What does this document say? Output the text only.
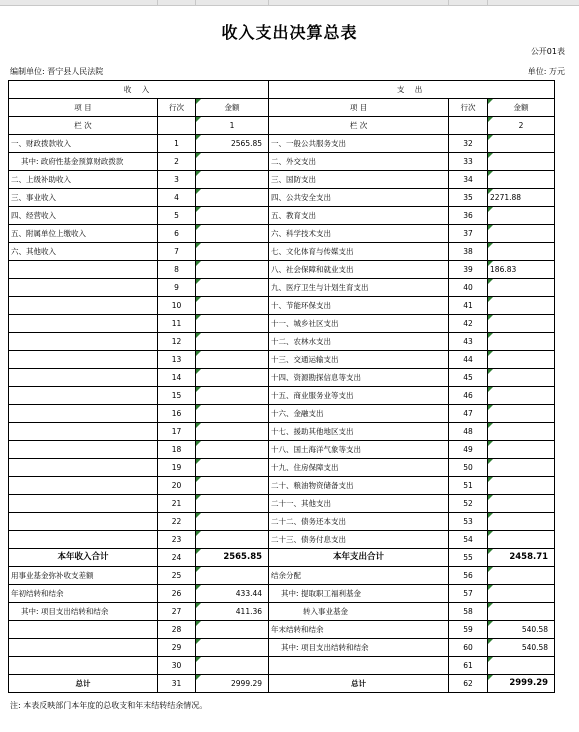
收入支出决算总表
公开01表
编制单位: 晋宁县人民法院	单位: 万元
收 入			支 出		
项 目	行次	金额	项 目	行次	金额
栏 次		1	栏 次		2
一、财政拨款收入	1	2565.85	一、一般公共服务支出	32	
其中: 政府性基金预算财政拨款	2		二、外交支出	33	
二、上级补助收入	3		三、国防支出	34	
三、事业收入	4		四、公共安全支出	35	2271.88
四、经营收入	5		五、教育支出	36	
五、附属单位上缴收入	6		六、科学技术支出	37	
六、其他收入	7		七、文化体育与传媒支出	38	
	8		八、社会保障和就业支出	39	186.83
	9		九、医疗卫生与计划生育支出	40	
	10		十、节能环保支出	41	
	11		十一、城乡社区支出	42	
	12		十二、农林水支出	43	
	13		十三、交通运输支出	44	
	14		十四、资源勘探信息等支出	45	
	15		十五、商业服务业等支出	46	
	16		十六、金融支出	47	
	17		十七、援助其他地区支出	48	
	18		十八、国土海洋气象等支出	49	
	19		十九、住房保障支出	50	
	20		二十、粮油物资储备支出	51	
	21		二十一、其他支出	52	
	22		二十二、债务还本支出	53	
	23		二十三、债务付息支出	54	
本年收入合计	24	2565.85	本年支出合计	55	2458.71
用事业基金弥补收支差额	25		结余分配	56	
年初结转和结余	26	433.44	其中: 提取职工福利基金	57	
其中: 项目支出结转和结余	27	411.36	转入事业基金	58	
	28		年末结转和结余	59	540.58
	29		其中: 项目支出结转和结余	60	540.58
	30			61	
总计	31	2999.29	总计	62	2999.29
注: 本表反映部门本年度的总收支和年末结转结余情况。
